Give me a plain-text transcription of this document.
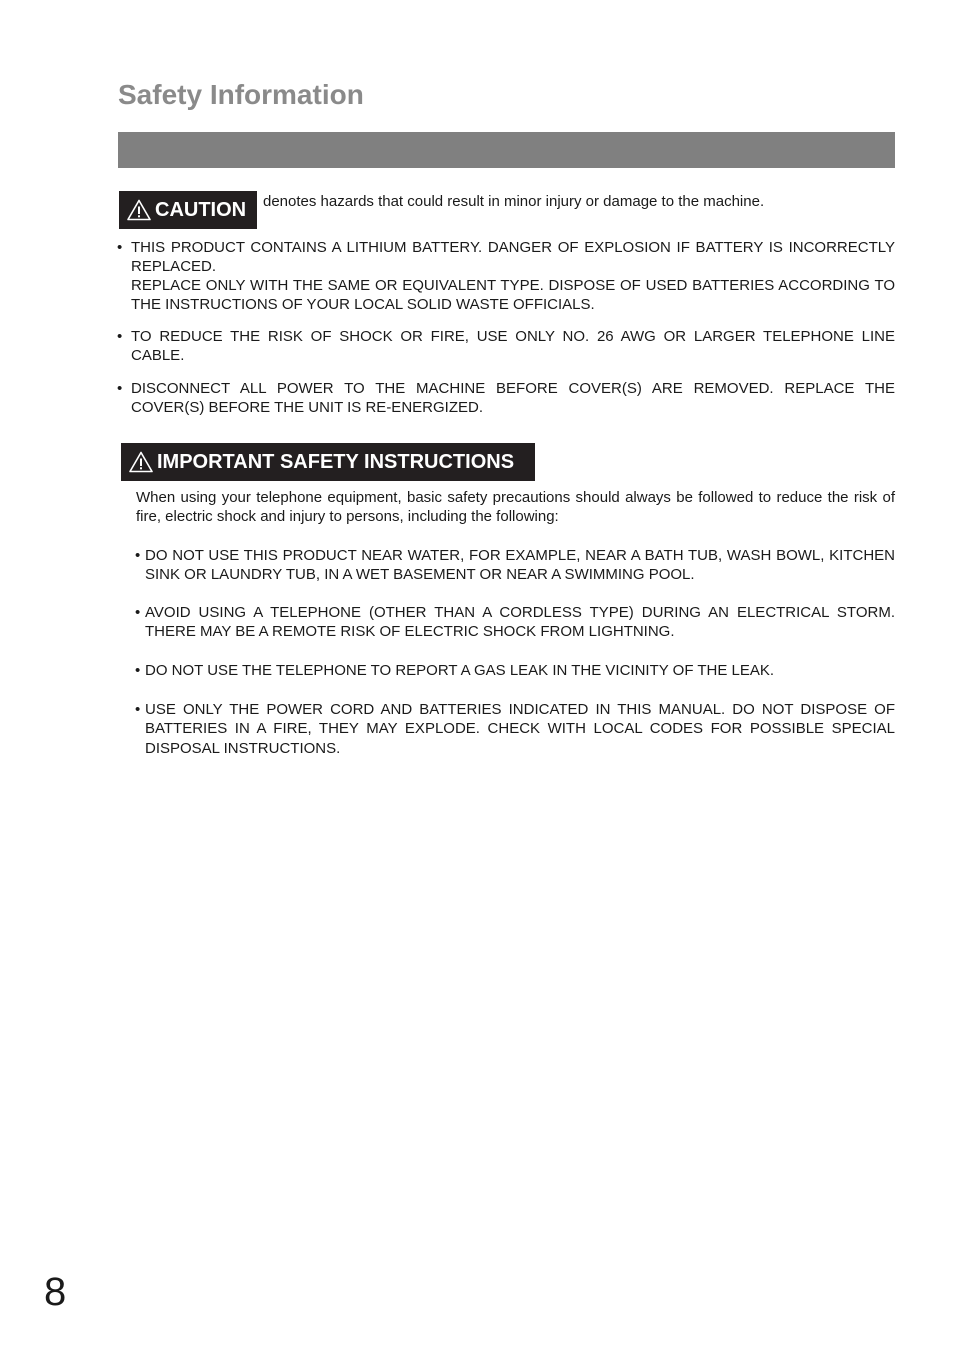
Safety Information
CAUTION denotes hazards that could result in minor injury or damage to the machine.

• THIS PRODUCT CONTAINS A LITHIUM BATTERY. DANGER OF EXPLOSION IF BATTERY IS INCORRECTLY REPLACED.

REPLACE ONLY WITH THE SAME OR EQUIVALENT TYPE. DISPOSE OF USED BATTERIES ACCORDING TO THE INSTRUCTIONS OF YOUR LOCAL SOLID WASTE OFFICIALS.

• TO REDUCE THE RISK OF SHOCK OR FIRE, USE ONLY NO. 26 AWG OR LARGER TELEPHONE LINE CABLE.
• DISCONNECT ALL POWER TO THE MACHINE BEFORE COVER(S) ARE REMOVED. REPLACE THE COVER(S) BEFORE THE UNIT IS RE-ENERGIZED.
IMPORTANT SAFETY INSTRUCTIONS

When using your telephone equipment, basic safety precautions should always be followed to reduce the risk of fire, electric shock and injury to persons, including the following:

• DO NOT USE THIS PRODUCT NEAR WATER, FOR EXAMPLE, NEAR A BATH TUB, WASH BOWL, KITCHEN SINK OR LAUNDRY TUB, IN A WET BASEMENT OR NEAR A SWIMMING POOL.
• AVOID USING A TELEPHONE (OTHER THAN A CORDLESS TYPE) DURING AN ELECTRICAL STORM. THERE MAY BE A REMOTE RISK OF ELECTRIC SHOCK FROM LIGHTNING.
• DO NOT USE THE TELEPHONE TO REPORT A GAS LEAK IN THE VICINITY OF THE LEAK.
• USE ONLY THE POWER CORD AND BATTERIES INDICATED IN THIS MANUAL. DO NOT DISPOSE OF BATTERIES IN A FIRE, THEY MAY EXPLODE. CHECK WITH LOCAL CODES FOR POSSIBLE SPECIAL DISPOSAL INSTRUCTIONS.
8
